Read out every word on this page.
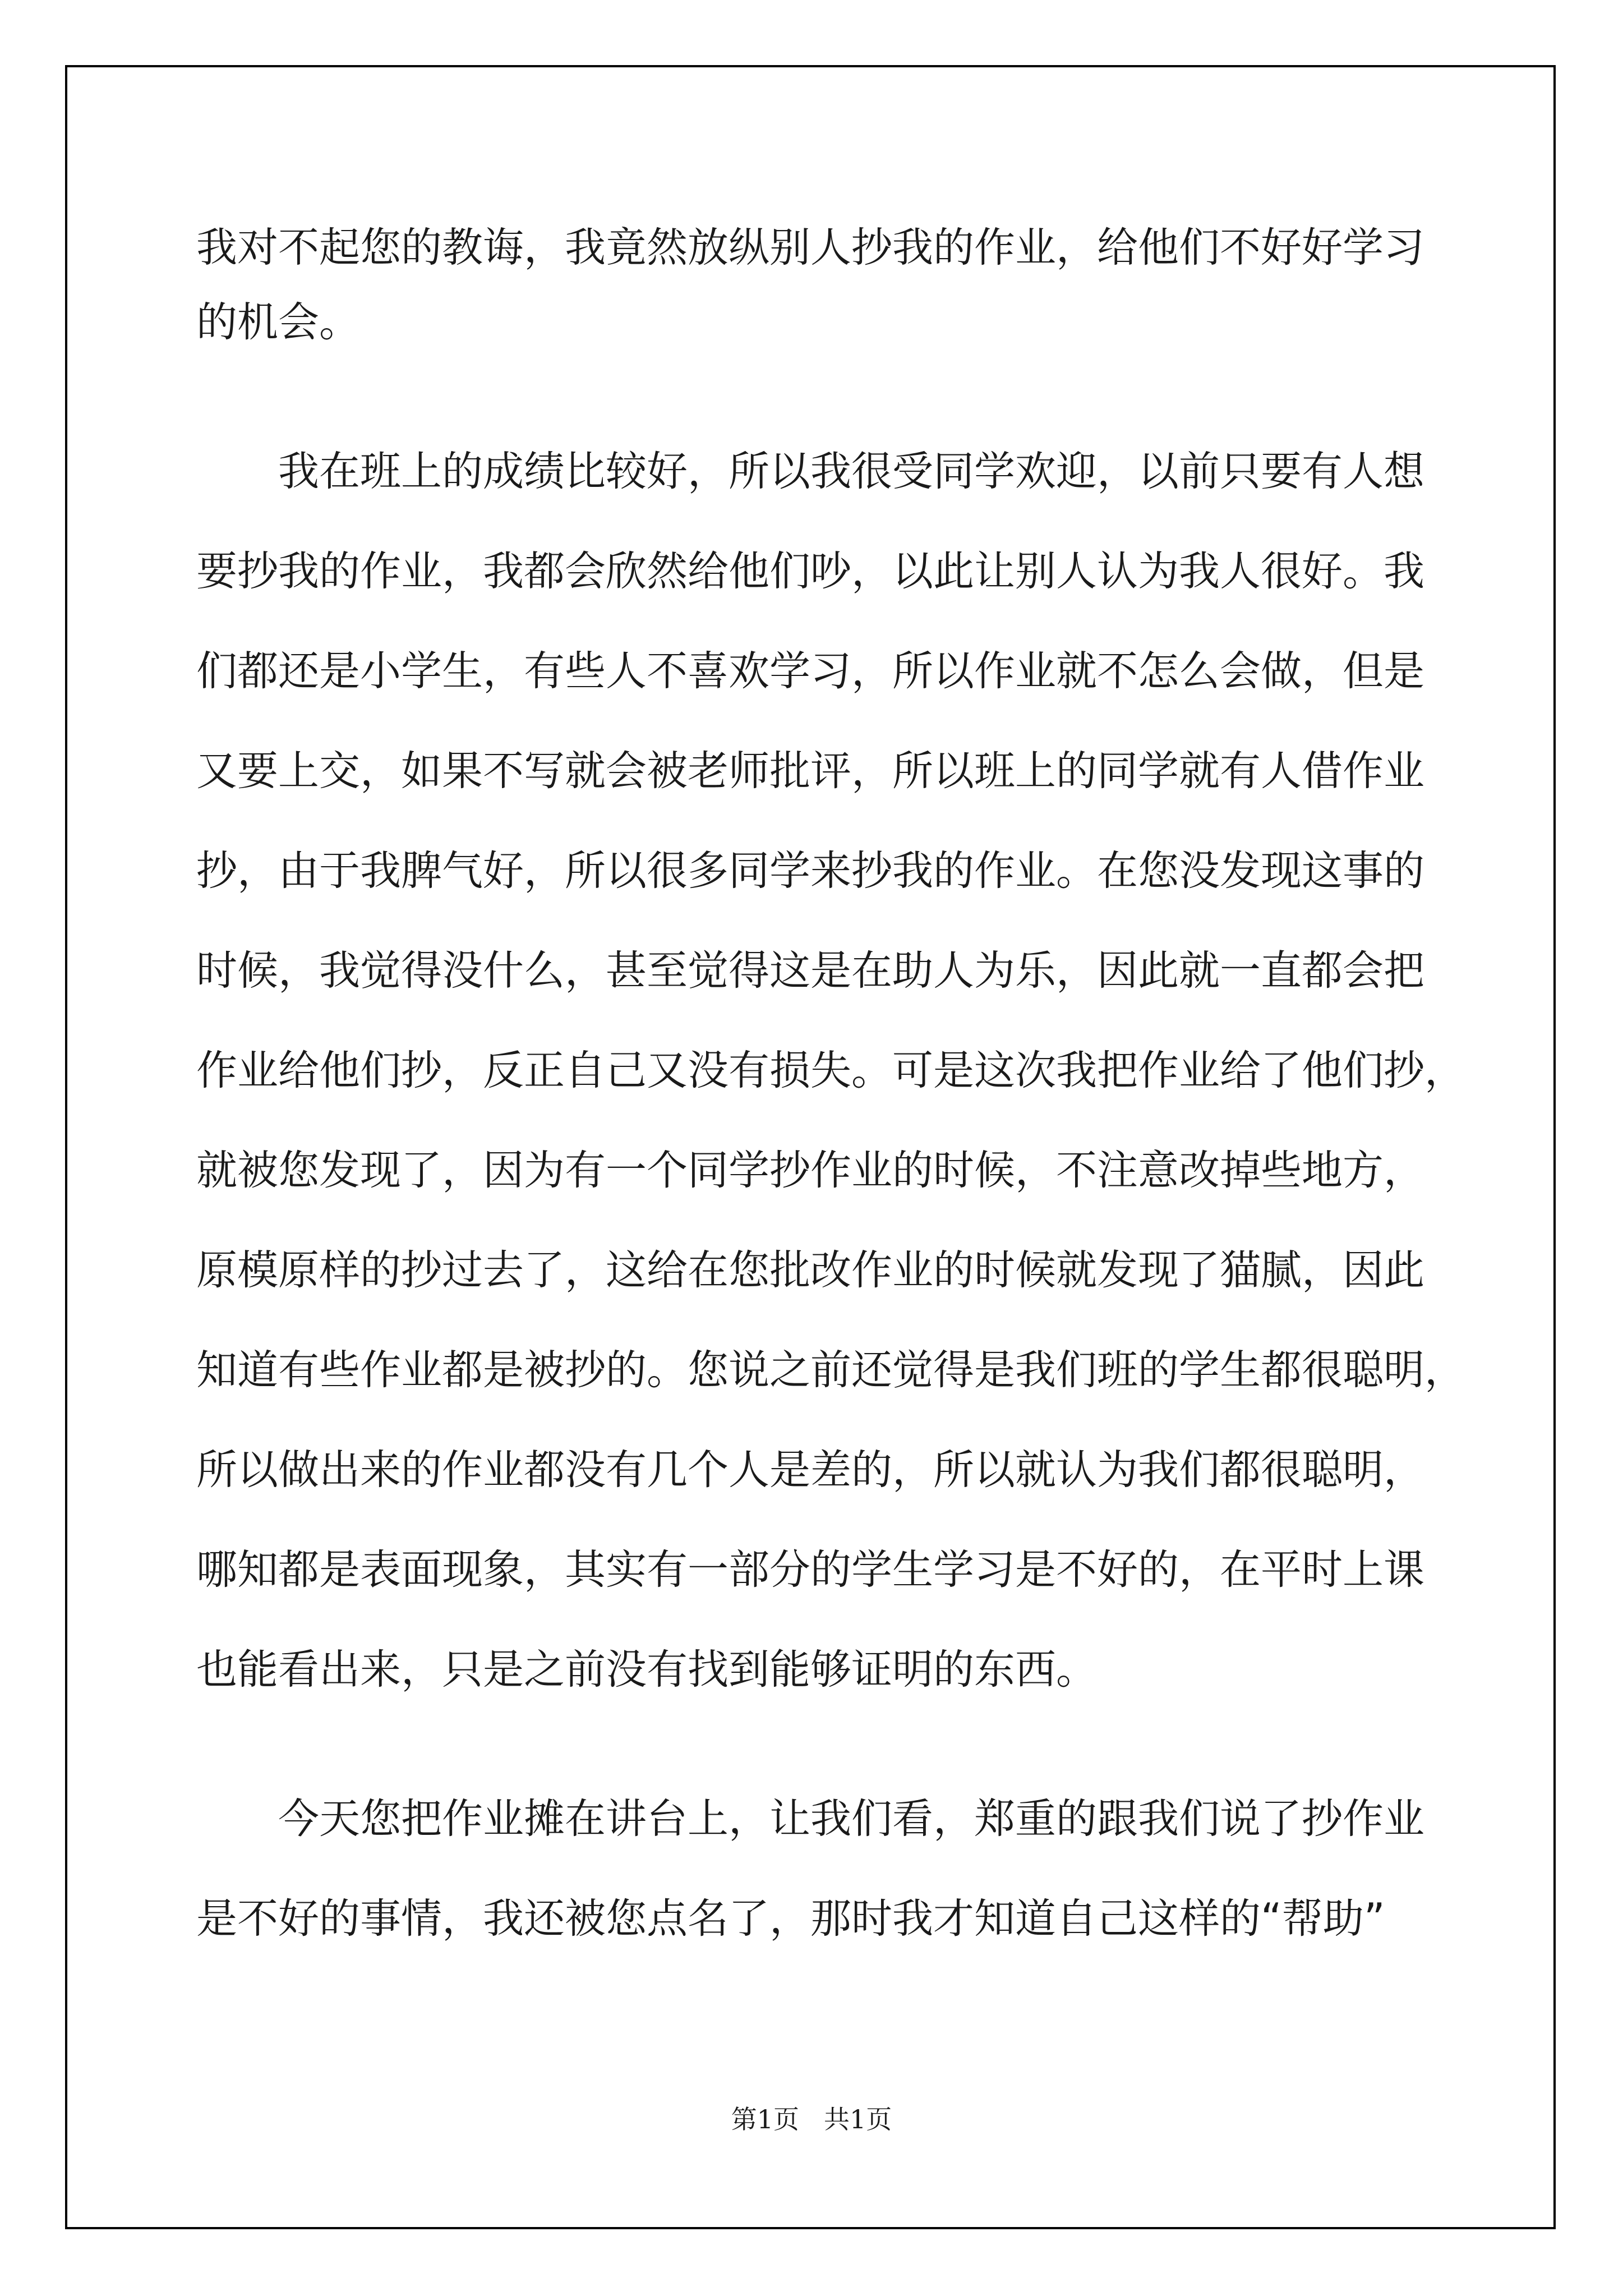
我对不起您的教诲，我竟然放纵别人抄我的作业，给他们不好好学习
的机会。
　　我在班上的成绩比较好，所以我很受同学欢迎，以前只要有人想
要抄我的作业，我都会欣然给他们吵，以此让别人认为我人很好。我
们都还是小学生，有些人不喜欢学习，所以作业就不怎么会做，但是
又要上交，如果不写就会被老师批评，所以班上的同学就有人借作业
抄，由于我脾气好，所以很多同学来抄我的作业。在您没发现这事的
时候，我觉得没什么，甚至觉得这是在助人为乐，因此就一直都会把
作业给他们抄，反正自己又没有损失。可是这次我把作业给了他们抄，
就被您发现了，因为有一个同学抄作业的时候，不注意改掉些地方，
原模原样的抄过去了，这给在您批改作业的时候就发现了猫腻，因此
知道有些作业都是被抄的。您说之前还觉得是我们班的学生都很聪明，
所以做出来的作业都没有几个人是差的，所以就认为我们都很聪明，
哪知都是表面现象，其实有一部分的学生学习是不好的，在平时上课
也能看出来，只是之前没有找到能够证明的东西。
　　今天您把作业摊在讲台上，让我们看，郑重的跟我们说了抄作业
是不好的事情，我还被您点名了，那时我才知道自己这样的“帮助”
第1页 共1页
